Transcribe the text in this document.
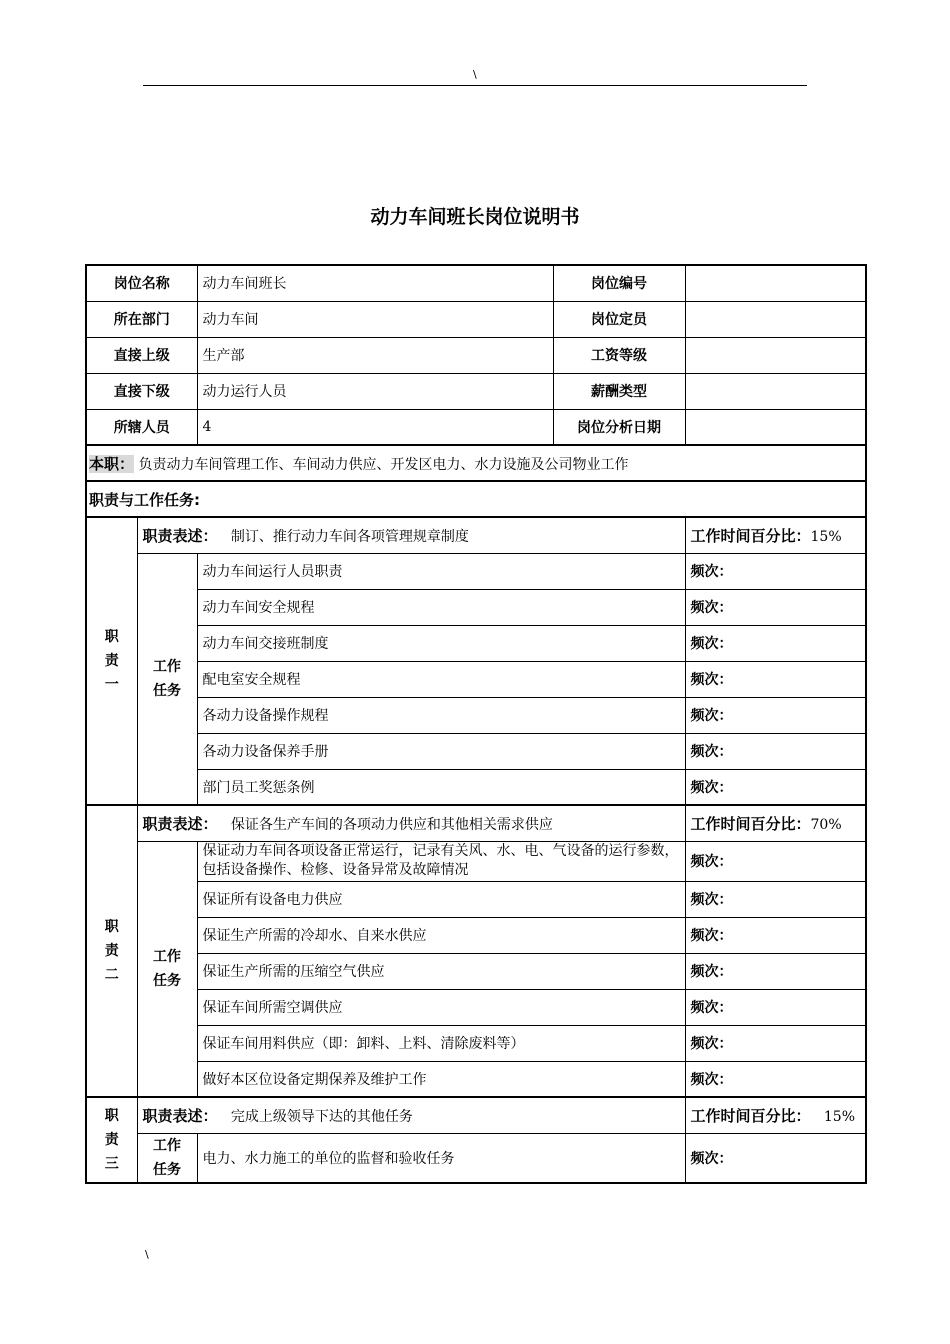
\
动力车间班长岗位说明书
岗位名称		动力车间班长	岗位编号	
所在部门		动力车间	岗位定员	
直接上级		生产部	工资等级	
直接下级		动力运行人员	薪酬类型	
所辖人员		4	岗位分析日期	
本职： 负责动力车间管理工作、车间动力供应、开发区电力、水力设施及公司物业工作				
职责与工作任务:				
职
责
一	职责表述： 制订、推行动力车间各项管理规章制度			工作时间百分比：15%
	工作
任务	动力车间运行人员职责		频次：
		动力车间安全规程		频次：
		动力车间交接班制度		频次：
		配电室安全规程		频次：
		各动力设备操作规程		频次：
		各动力设备保养手册		频次：
		部门员工奖惩条例		频次：
职
责
二	职责表述： 保证各生产车间的各项动力供应和其他相关需求供应			工作时间百分比：70%
	工作
任务	保证动力车间各项设备正常运行，记录有关风、水、电、气设备的运行参数，包括设备操作、检修、设备异常及故障情况		频次：
		保证所有设备电力供应		频次：
		保证生产所需的冷却水、自来水供应		频次：
		保证生产所需的压缩空气供应		频次：
		保证车间所需空调供应		频次：
		保证车间用料供应（即：卸料、上料、清除废料等）		频次：
		做好本区位设备定期保养及维护工作		频次：
职
责
三	职责表述： 完成上级领导下达的其他任务			工作时间百分比： 15%
	工作
任务	电力、水力施工的单位的监督和验收任务		频次：
\
